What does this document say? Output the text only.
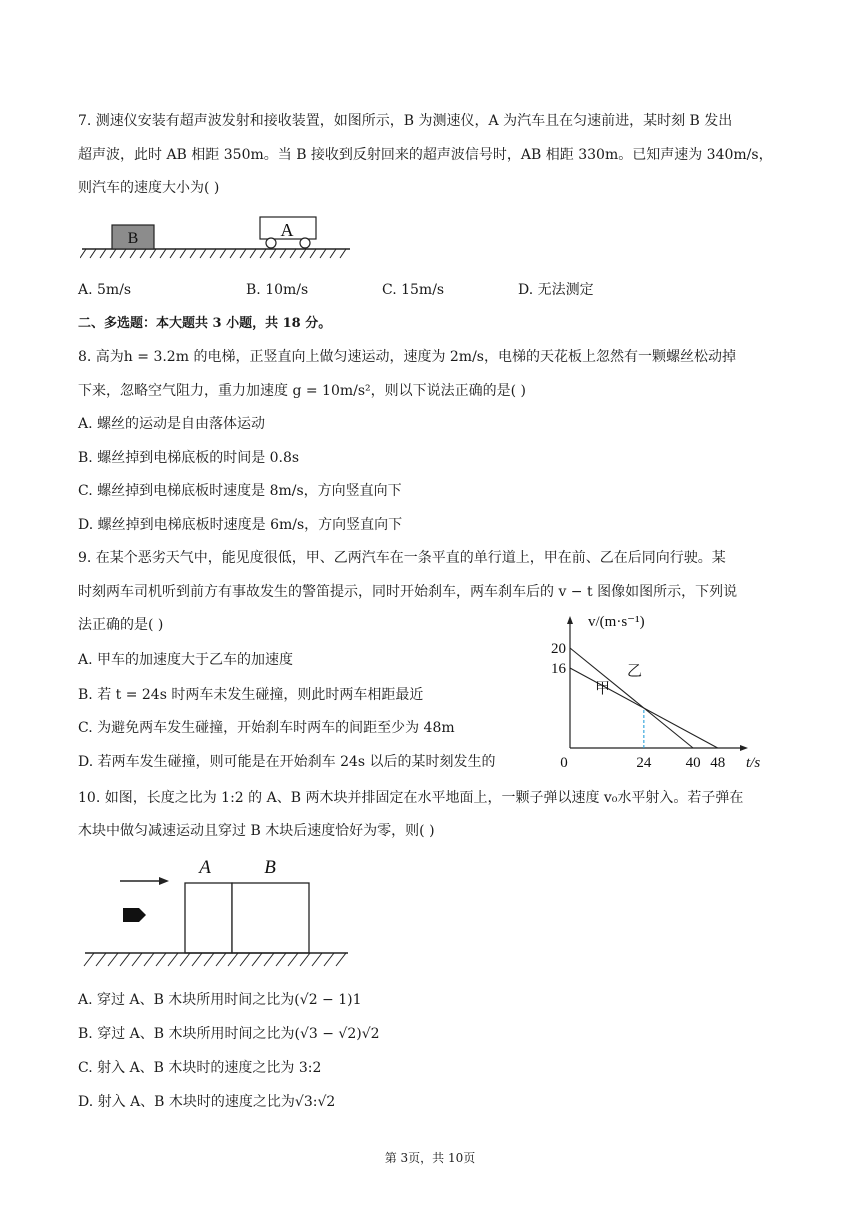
7. 测速仪安装有超声波发射和接收装置，如图所示，B 为测速仪，A 为汽车且在匀速前进，某时刻 B 发出
超声波，此时 AB 相距 350m。当 B 接收到反射回来的超声波信号时，AB 相距 330m。已知声速为 340m/s，
则汽车的速度大小为( )
B	A
A. 5m/s	B. 10m/s	C. 15m/s	D. 无法测定
二、多选题：本大题共 3 小题，共 18 分。
8. 高为h = 3.2m 的电梯，正竖直向上做匀速运动，速度为 2m/s，电梯的天花板上忽然有一颗螺丝松动掉
下来，忽略空气阻力，重力加速度 g = 10m/s²，则以下说法正确的是( )
A. 螺丝的运动是自由落体运动
B. 螺丝掉到电梯底板的时间是 0.8s
C. 螺丝掉到电梯底板时速度是 8m/s，方向竖直向下
D. 螺丝掉到电梯底板时速度是 6m/s，方向竖直向下
9. 在某个恶劣天气中，能见度很低，甲、乙两汽车在一条平直的单行道上，甲在前、乙在后同向行驶。某
时刻两车司机听到前方有事故发生的警笛提示，同时开始刹车，两车刹车后的 v − t 图像如图所示，下列说
法正确的是( )
A. 甲车的加速度大于乙车的加速度
B. 若 t = 24s 时两车未发生碰撞，则此时两车相距最近
C. 为避免两车发生碰撞，开始刹车时两车的间距至少为 48m
D. 若两车发生碰撞，则可能是在开始刹车 24s 以后的某时刻发生的	0	24 40 48
16
20
v/(m·s⁻¹)
t/s
乙
甲
10. 如图，长度之比为 1:2 的 A、B 两木块并排固定在水平地面上，一颗子弹以速度 v₀水平射入。若子弹在
木块中做匀减速运动且穿过 B 木块后速度恰好为零，则( )
A	B
A. 穿过 A、B 木块所用时间之比为(√2 − 1)1
B. 穿过 A、B 木块所用时间之比为(√3 − √2)√2
C. 射入 A、B 木块时的速度之比为 3:2
D. 射入 A、B 木块时的速度之比为√3:√2
第 3页，共 10页
